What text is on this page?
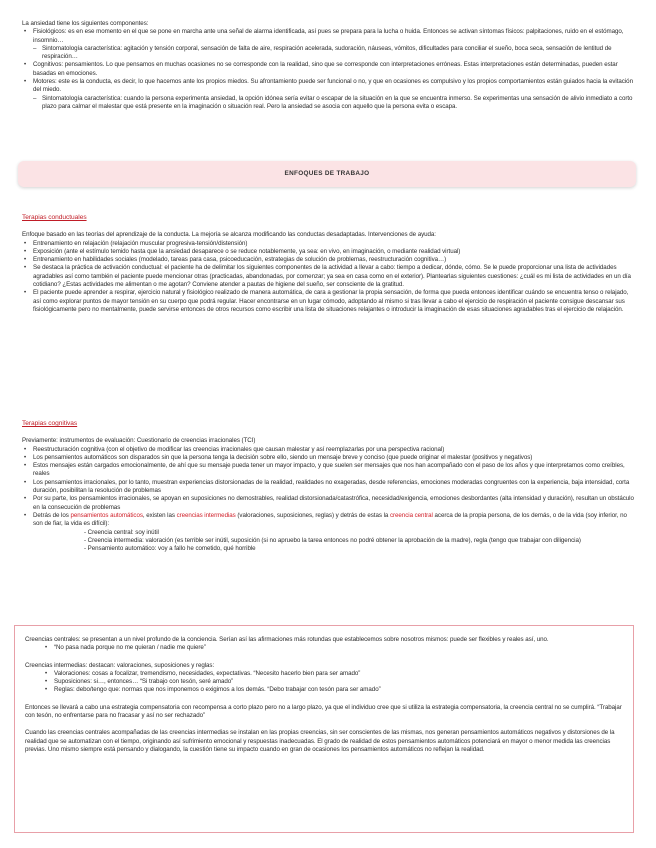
La ansiedad tiene los siguientes componentes:

• Fisiológicos: es en ese momento en el que se pone en marcha ante una señal de alarma identificada, así pues se prepara para la lucha o huida. Entonces se activan síntomas físicos: palpitaciones, ruido en el estómago, insomnio…
– Sintomatología característica: agitación y tensión corporal, sensación de falta de aire, respiración acelerada, sudoración, náuseas, vómitos, dificultades para conciliar el sueño, boca seca, sensación de lentitud de respiración…
• Cognitivos: pensamientos. Lo que pensamos en muchas ocasiones no se corresponde con la realidad, sino que se corresponde con interpretaciones erróneas. Estas interpretaciones están determinadas, pueden estar basadas en emociones.
• Motores: este es la conducta, es decir, lo que hacemos ante los propios miedos. Su afrontamiento puede ser funcional o no, y que en ocasiones es compulsivo y los propios comportamientos están guiados hacia la evitación del miedo.
– Sintomatología característica: cuando la persona experimenta ansiedad, la opción idónea sería evitar o escapar de la situación en la que se encuentra inmerso. Se experimentas una sensación de alivio inmediato a corto plazo para calmar el malestar que está presente en la imaginación o situación real. Pero la ansiedad se asocia con aquello que la persona evita o escapa.
ENFOQUES DE TRABAJO

Terapias conductuales

Enfoque basado en las teorías del aprendizaje de la conducta. La mejoría se alcanza modificando las conductas desadaptadas. Intervenciones de ayuda:

• Entrenamiento en relajación (relajación muscular progresiva-tensión/distensión)
• Exposición (ante el estímulo temido hasta que la ansiedad desaparece o se reduce notablemente, ya sea: en vivo, en imaginación, o mediante realidad virtual)
• Entrenamiento en habilidades sociales (modelado, tareas para casa, psicoeducación, estrategias de solución de problemas, reestructuración cognitiva…)
• Se destaca la práctica de activación conductual: el paciente ha de delimitar los siguientes componentes de la actividad a llevar a cabo: tiempo a dedicar, dónde, cómo. Se le puede proporcionar una lista de actividades agradables así como también el paciente puede mencionar otras (practicadas, abandonadas, por comenzar; ya sea en casa como en el exterior). Plantearlas siguientes cuestiones: ¿cuál es mi lista de actividades en un día cotidiano? ¿Estas actividades me alimentan o me agotan? Conviene atender a pautas de higiene del sueño, ser consciente de la gratitud.
• El paciente puede aprender a respirar, ejercicio natural y fisiológico realizado de manera automática, de cara a gestionar la propia sensación, de forma que pueda entonces identificar cuándo se encuentra tenso o relajado, así como explorar puntos de mayor tensión en su cuerpo que podrá regular. Hacer encontrarse en un lugar cómodo, adoptando al mismo si tras llevar a cabo el ejercicio de respiración el paciente consigue descansar sus fisiológicamente pero no mentalmente, puede servirse entonces de otros recursos como escribir una lista de situaciones relajantes o introducir la imaginación de esas situaciones agradables tras el ejercicio de relajación.

Terapias cognitivas

Previamente: instrumentos de evaluación: Cuestionario de creencias irracionales (TCI)

• Reestructuración cognitiva (con el objetivo de modificar las creencias irracionales que causan malestar y así reemplazarlas por una perspectiva racional)
• Los pensamientos automáticos son disparados sin que la persona tenga la decisión sobre ello, siendo un mensaje breve y conciso (que puede originar el malestar (positivos y negativos)
• Estos mensajes están cargados emocionalmente, de ahí que su mensaje pueda tener un mayor impacto, y que suelen ser mensajes que nos han acompañado con el paso de los años y que interpretamos como creíbles, reales
• Los pensamientos irracionales, por lo tanto, muestran experiencias distorsionadas de la realidad, realidades no exageradas, desde referencias, emociones moderadas congruentes con la experiencia, baja intensidad, corta duración, posibilitan la resolución de problemas
• Por su parte, los pensamientos irracionales, se apoyan en suposiciones no demostrables, realidad distorsionada/catastrófica, necesidad/exigencia, emociones desbordantes (alta intensidad y duración), resultan un obstáculo en la consecución de problemas
• Detrás de los pensamientos automáticos, existen las creencias intermedias (valoraciones, suposiciones, reglas) y detrás de estas la creencia central acerca de la propia persona, de los demás, o de la vida (soy inferior, no son de fiar, la vida es difícil):

- Creencia central: soy inútil

- Creencia intermedia: valoración (es terrible ser inútil, suposición (si no apruebo la tarea entonces no podré obtener la aprobación de la madre), regla (tengo que trabajar con diligencia)

- Pensamiento automático: voy a fallo he cometido, qué horrible

Creencias centrales: se presentan a un nivel profundo de la conciencia. Serían así las afirmaciones más rotundas que establecemos sobre nosotros mismos: puede ser flexibles y reales así, uno.

• “No pasa nada porque no me quieran / nadie me quiere”

Creencias intermedias: destacan: valoraciones, suposiciones y reglas:

• Valoraciones: cosas a focalizar, tremendismo, necesidades, expectativas. “Necesito hacerlo bien para ser amado”
• Suposiciones: si…, entonces… “Si trabajo con tesón, seré amado”
• Reglas: debo/tengo que: normas que nos imponemos o exigimos a los demás. “Debo trabajar con tesón para ser amado”

Entonces se llevará a cabo una estrategia compensatoria con recompensa a corto plazo pero no a largo plazo, ya que el individuo cree que si utiliza la estrategia compensatoria, la creencia central no se cumplirá. “Trabajar con tesón, no enfrentarse para no fracasar y así no ser rechazado”

Cuando las creencias centrales acompañadas de las creencias intermedias se instalan en las propias creencias, sin ser conscientes de las mismas, nos generan pensamientos automáticos negativos y distorsiones de la realidad que se automatizan con el tiempo, originando así sufrimiento emocional y respuestas inadecuadas. El grado de realidad de estos pensamientos automáticos potenciará en mayor o menor medida las creencias previas. Uno mismo siempre está pensando y dialogando, la cuestión tiene su impacto cuando en gran de ocasiones los pensamientos automáticos no reflejan la realidad.
